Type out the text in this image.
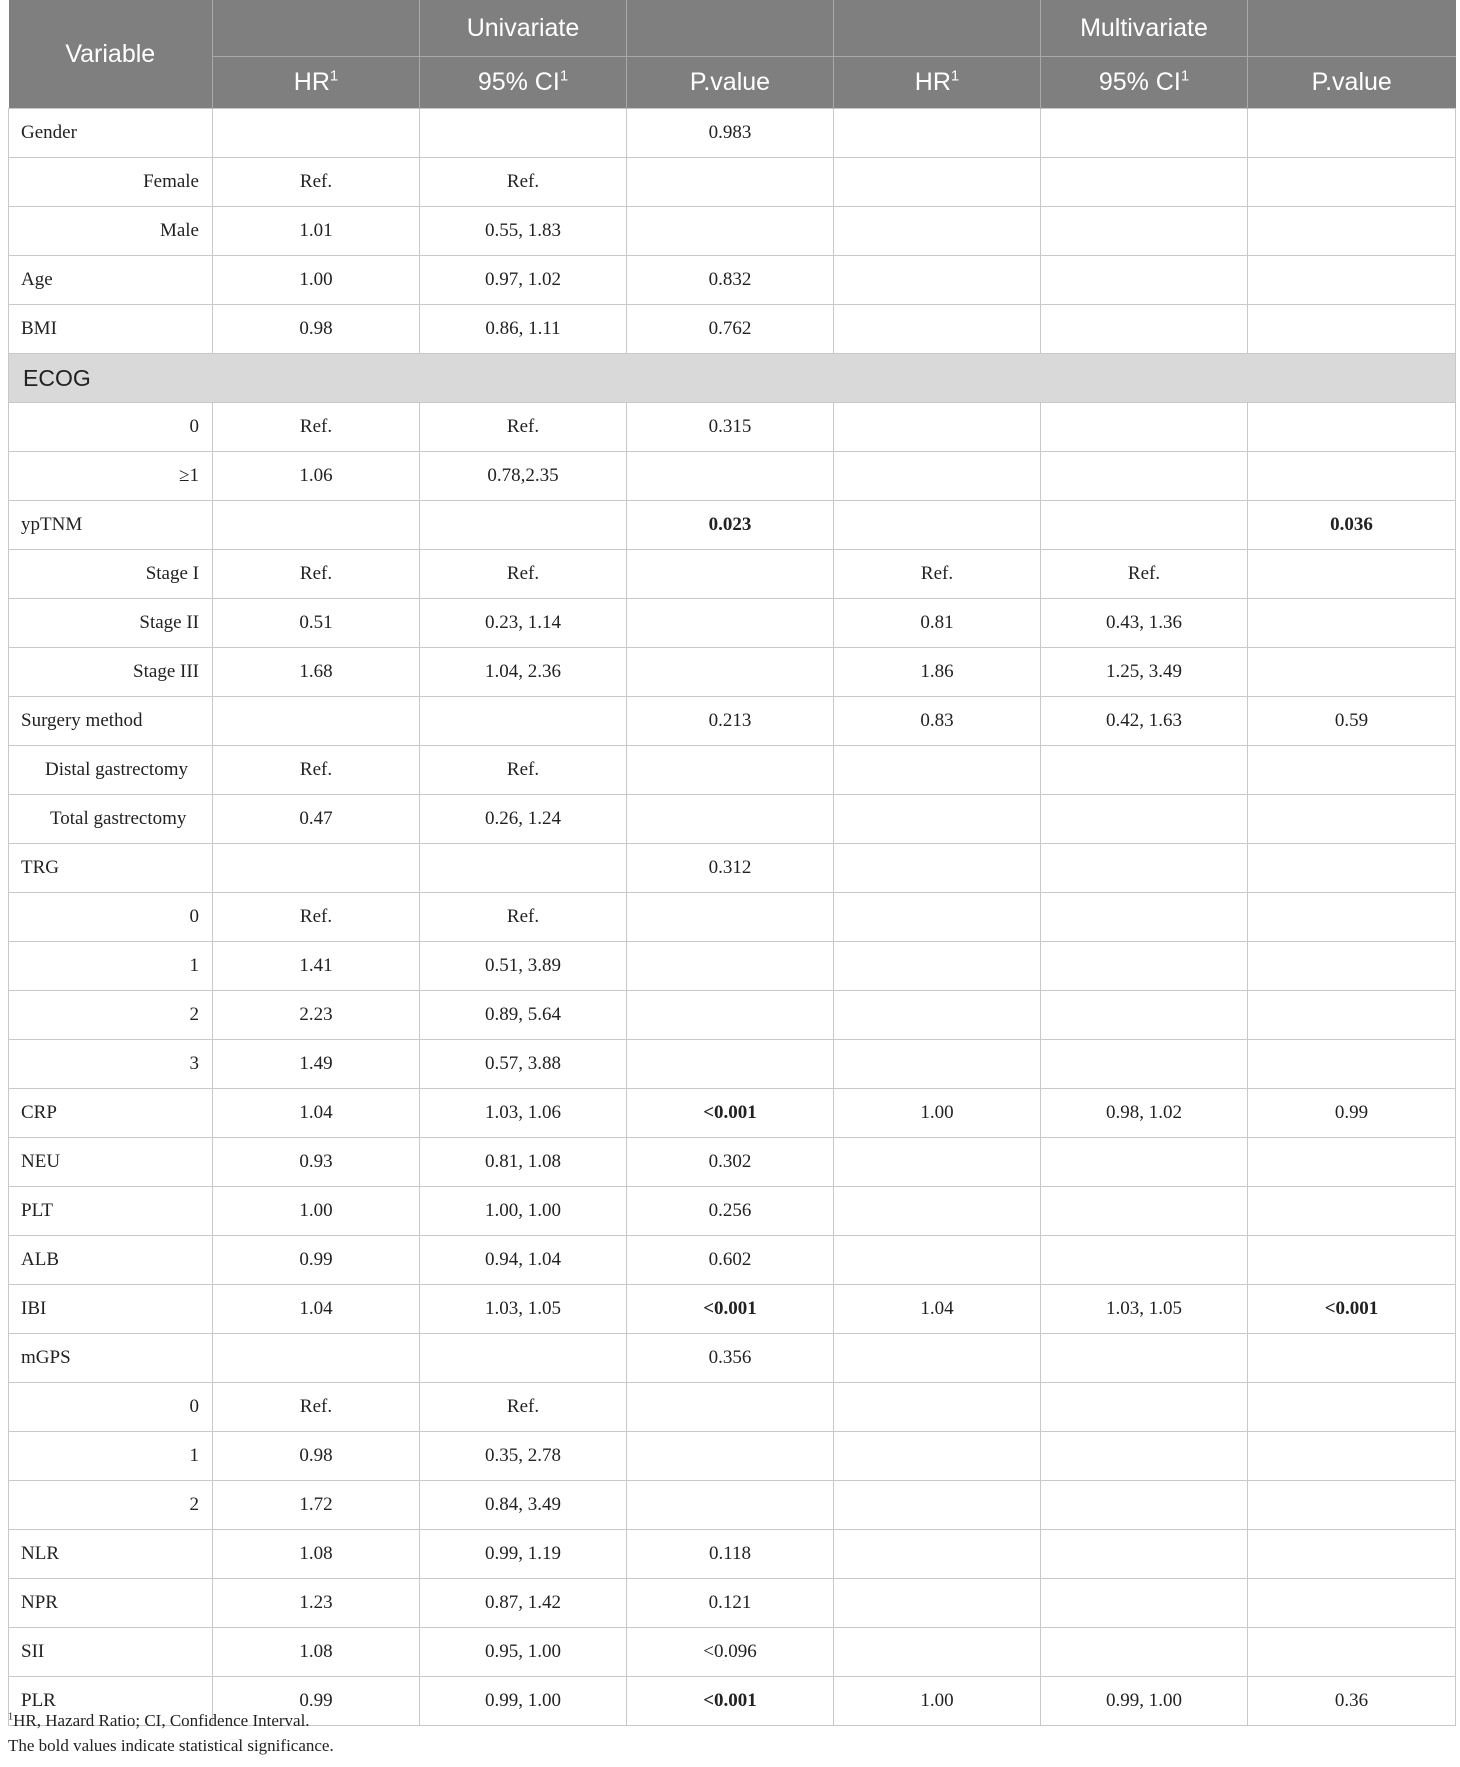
Variable		Univariate			Multivariate	
	$HR^1$	95% $CI^1$	P.value	$HR^1$	95% $CI^1$	P.value
Gender			0.983			
Female	Ref.	Ref.				
Male	1.01	0.55, 1.83				
Age	1.00	0.97, 1.02	0.832			
BMI	0.98	0.86, 1.11	0.762			
ECOG						
0	Ref.	Ref.	0.315			
≥1	1.06	0.78,2.35				
ypTNM			0.023			0.036
Stage I	Ref.	Ref.		Ref.	Ref.	
Stage II	0.51	0.23, 1.14		0.81	0.43, 1.36	
Stage III	1.68	1.04, 2.36		1.86	1.25, 3.49	
Surgery method			0.213	0.83	0.42, 1.63	0.59
Distal gastrectomy	Ref.	Ref.				
Total gastrectomy	0.47	0.26, 1.24				
TRG			0.312			
0	Ref.	Ref.				
1	1.41	0.51, 3.89				
2	2.23	0.89, 5.64				
3	1.49	0.57, 3.88				
CRP	1.04	1.03, 1.06	<0.001	1.00	0.98, 1.02	0.99
NEU	0.93	0.81, 1.08	0.302			
PLT	1.00	1.00, 1.00	0.256			
ALB	0.99	0.94, 1.04	0.602			
IBI	1.04	1.03, 1.05	<0.001	1.04	1.03, 1.05	<0.001
mGPS			0.356			
0	Ref.	Ref.				
1	0.98	0.35, 2.78				
2	1.72	0.84, 3.49				
NLR	1.08	0.99, 1.19	0.118			
NPR	1.23	0.87, 1.42	0.121			
SII	1.08	0.95, 1.00	<0.096			
PLR	0.99	0.99, 1.00	<0.001	1.00	0.99, 1.00	0.36
$^1$HR, Hazard Ratio; CI, Confidence Interval.
The bold values indicate statistical significance.
